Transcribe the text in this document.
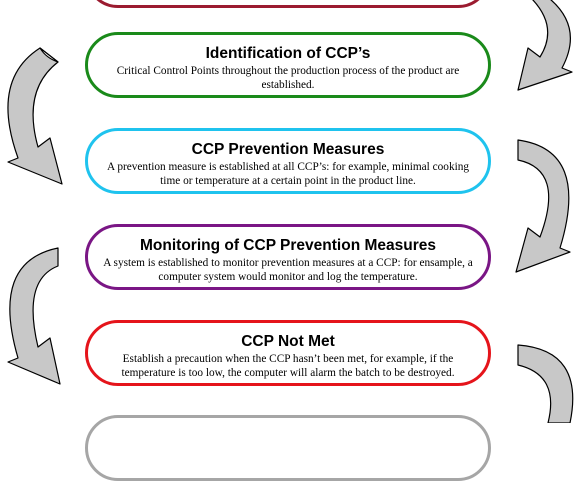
Identification of CCP’s
Critical Control Points throughout the production process of the product are established.
CCP Prevention Measures
A prevention measure is established at all CCP’s: for example, minimal cooking time or temperature at a certain point in the product line.
Monitoring of CCP Prevention Measures
A system is established to monitor prevention measures at a CCP: for ensample, a computer system would monitor and log the temperature.
CCP Not Met
Establish a precaution when the CCP hasn’t been met, for example, if the temperature is too low, the computer will alarm the batch to be destroyed.
